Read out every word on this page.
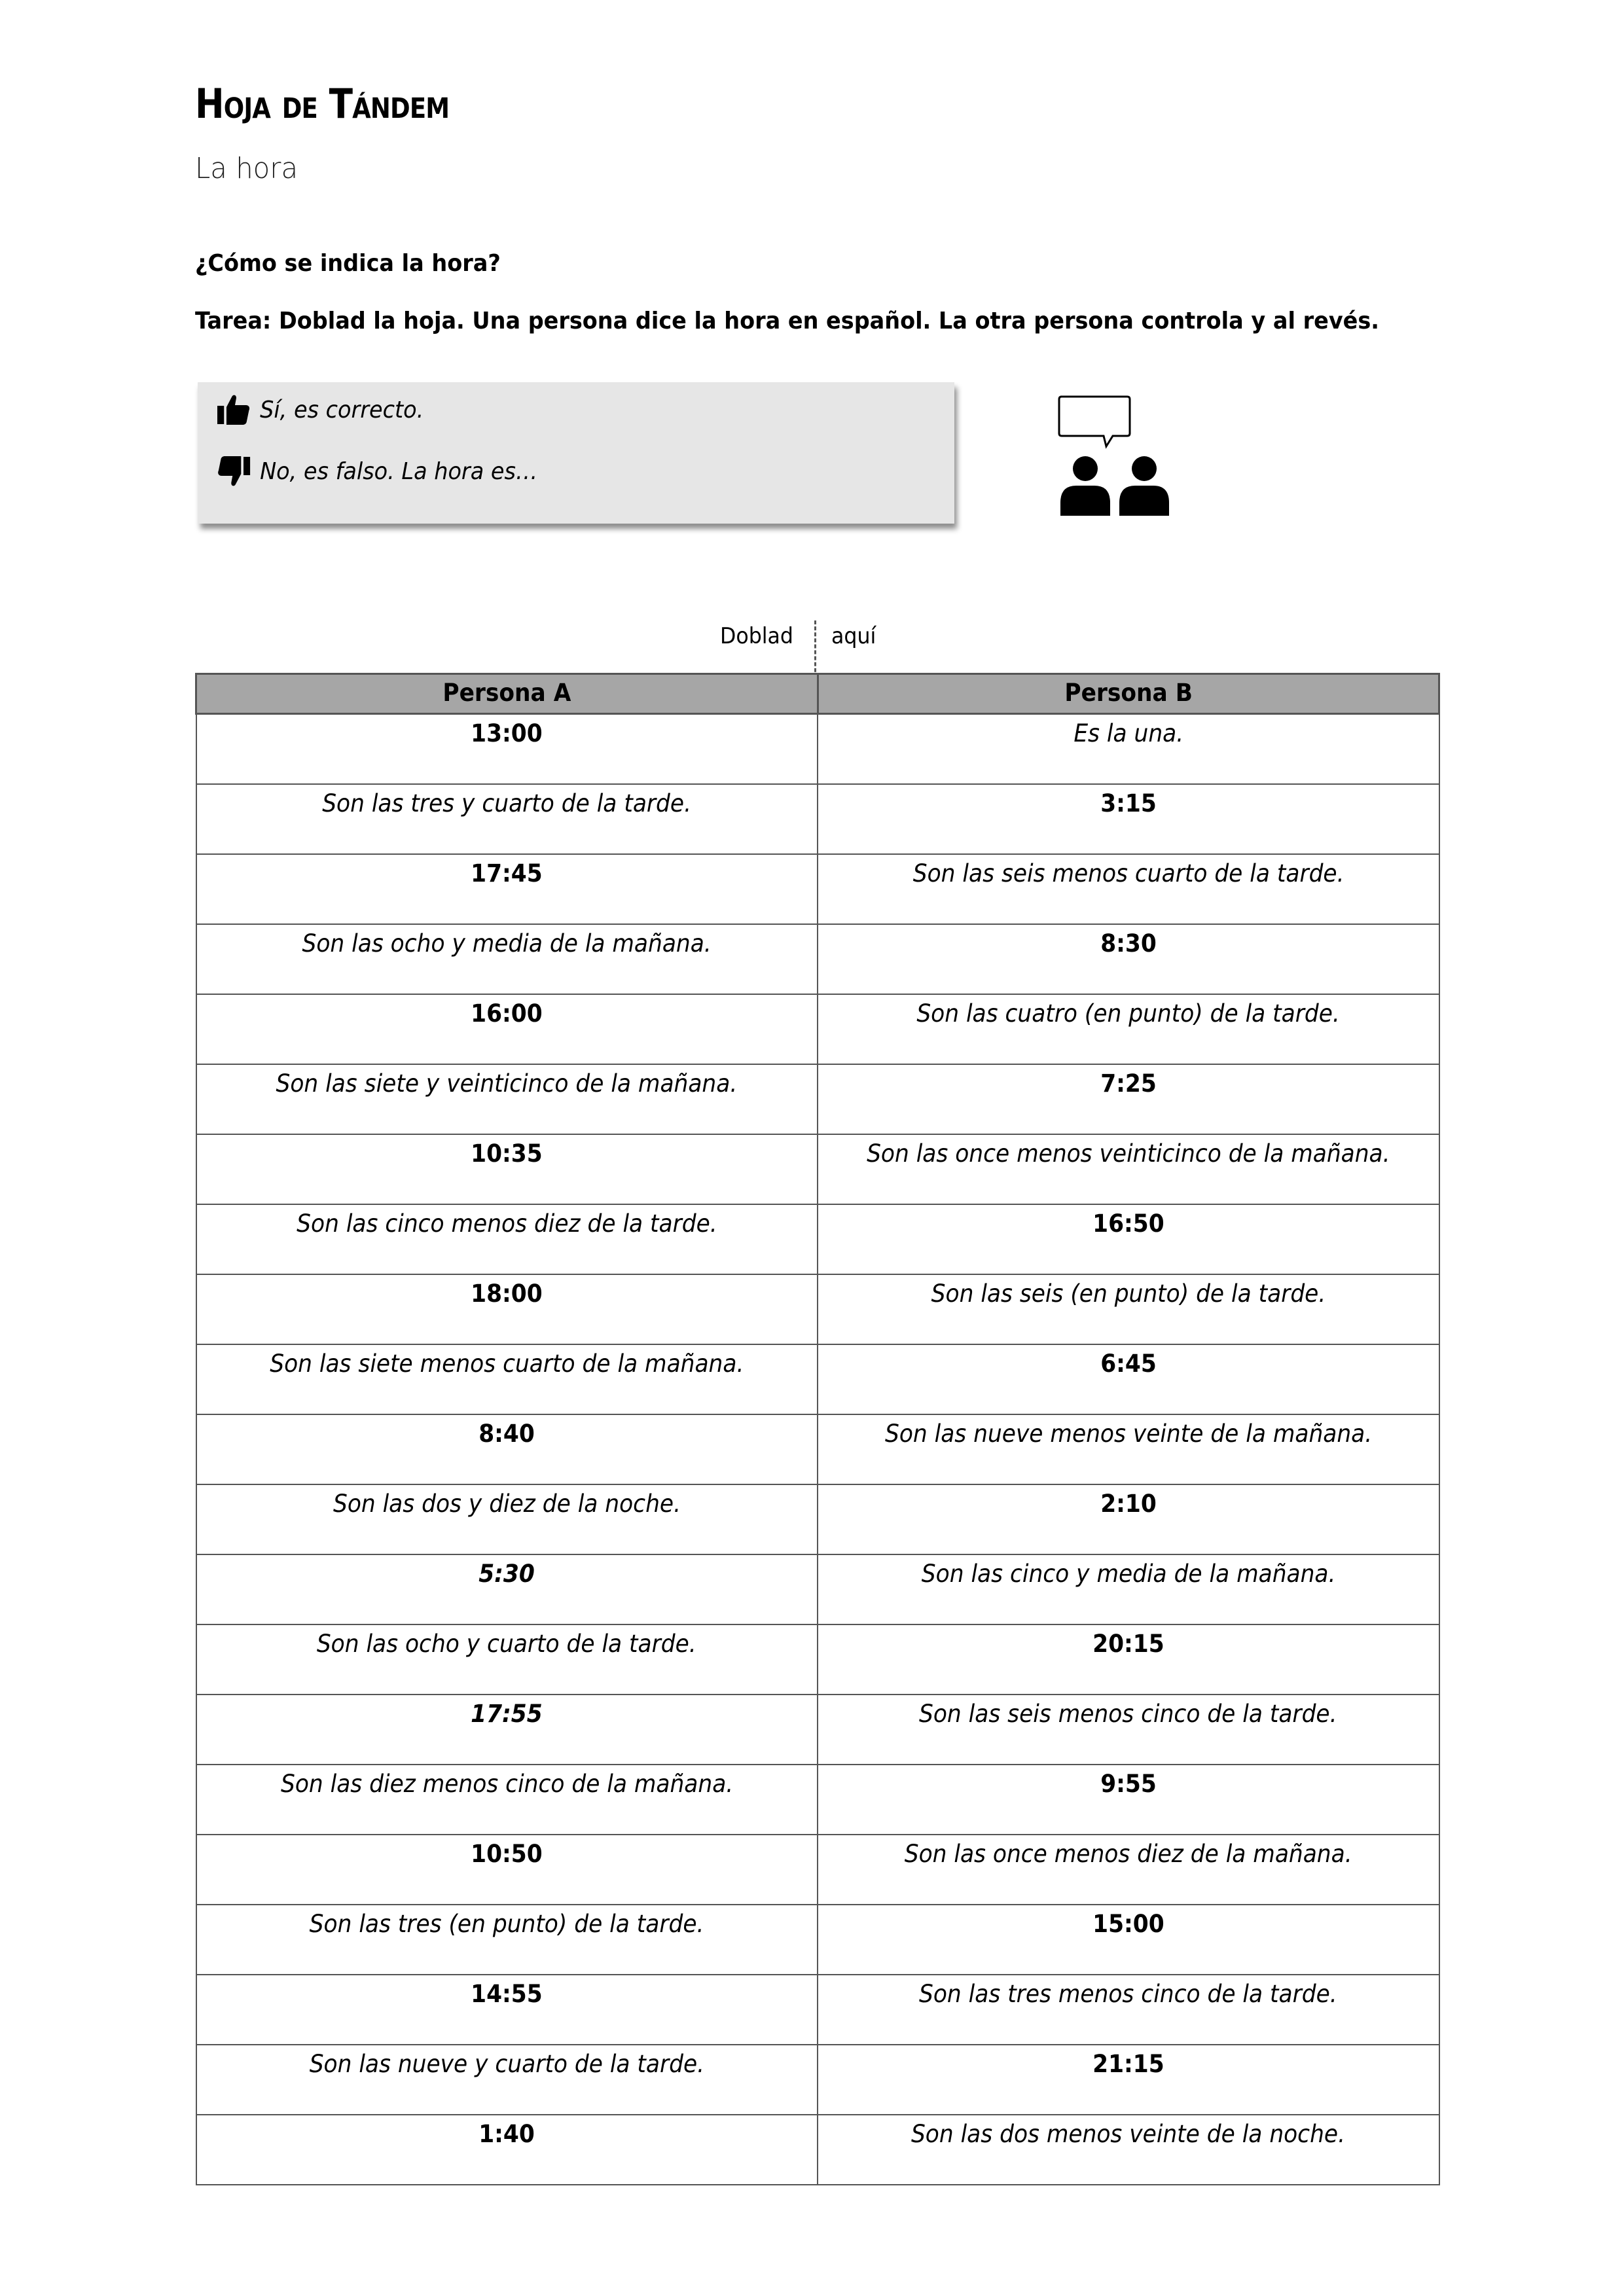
Hoja de Tándem
La hora
¿Cómo se indica la hora?
Tarea: Doblad la hoja. Una persona dice la hora en español. La otra persona controla y al revés.
Sí, es correcto.
No, es falso. La hora es…
Doblad aquí
Persona A	Persona B
13:00	Es la una.
Son las tres y cuarto de la tarde.	3:15
17:45	Son las seis menos cuarto de la tarde.
Son las ocho y media de la mañana.	8:30
16:00	Son las cuatro (en punto) de la tarde.
Son las siete y veinticinco de la mañana.	7:25
10:35	Son las once menos veinticinco de la mañana.
Son las cinco menos diez de la tarde.	16:50
18:00	Son las seis (en punto) de la tarde.
Son las siete menos cuarto de la mañana.	6:45
8:40	Son las nueve menos veinte de la mañana.
Son las dos y diez de la noche.	2:10
5:30	Son las cinco y media de la mañana.
Son las ocho y cuarto de la tarde.	20:15
17:55	Son las seis menos cinco de la tarde.
Son las diez menos cinco de la mañana.	9:55
10:50	Son las once menos diez de la mañana.
Son las tres (en punto) de la tarde.	15:00
14:55	Son las tres menos cinco de la tarde.
Son las nueve y cuarto de la tarde.	21:15
1:40	Son las dos menos veinte de la noche.
